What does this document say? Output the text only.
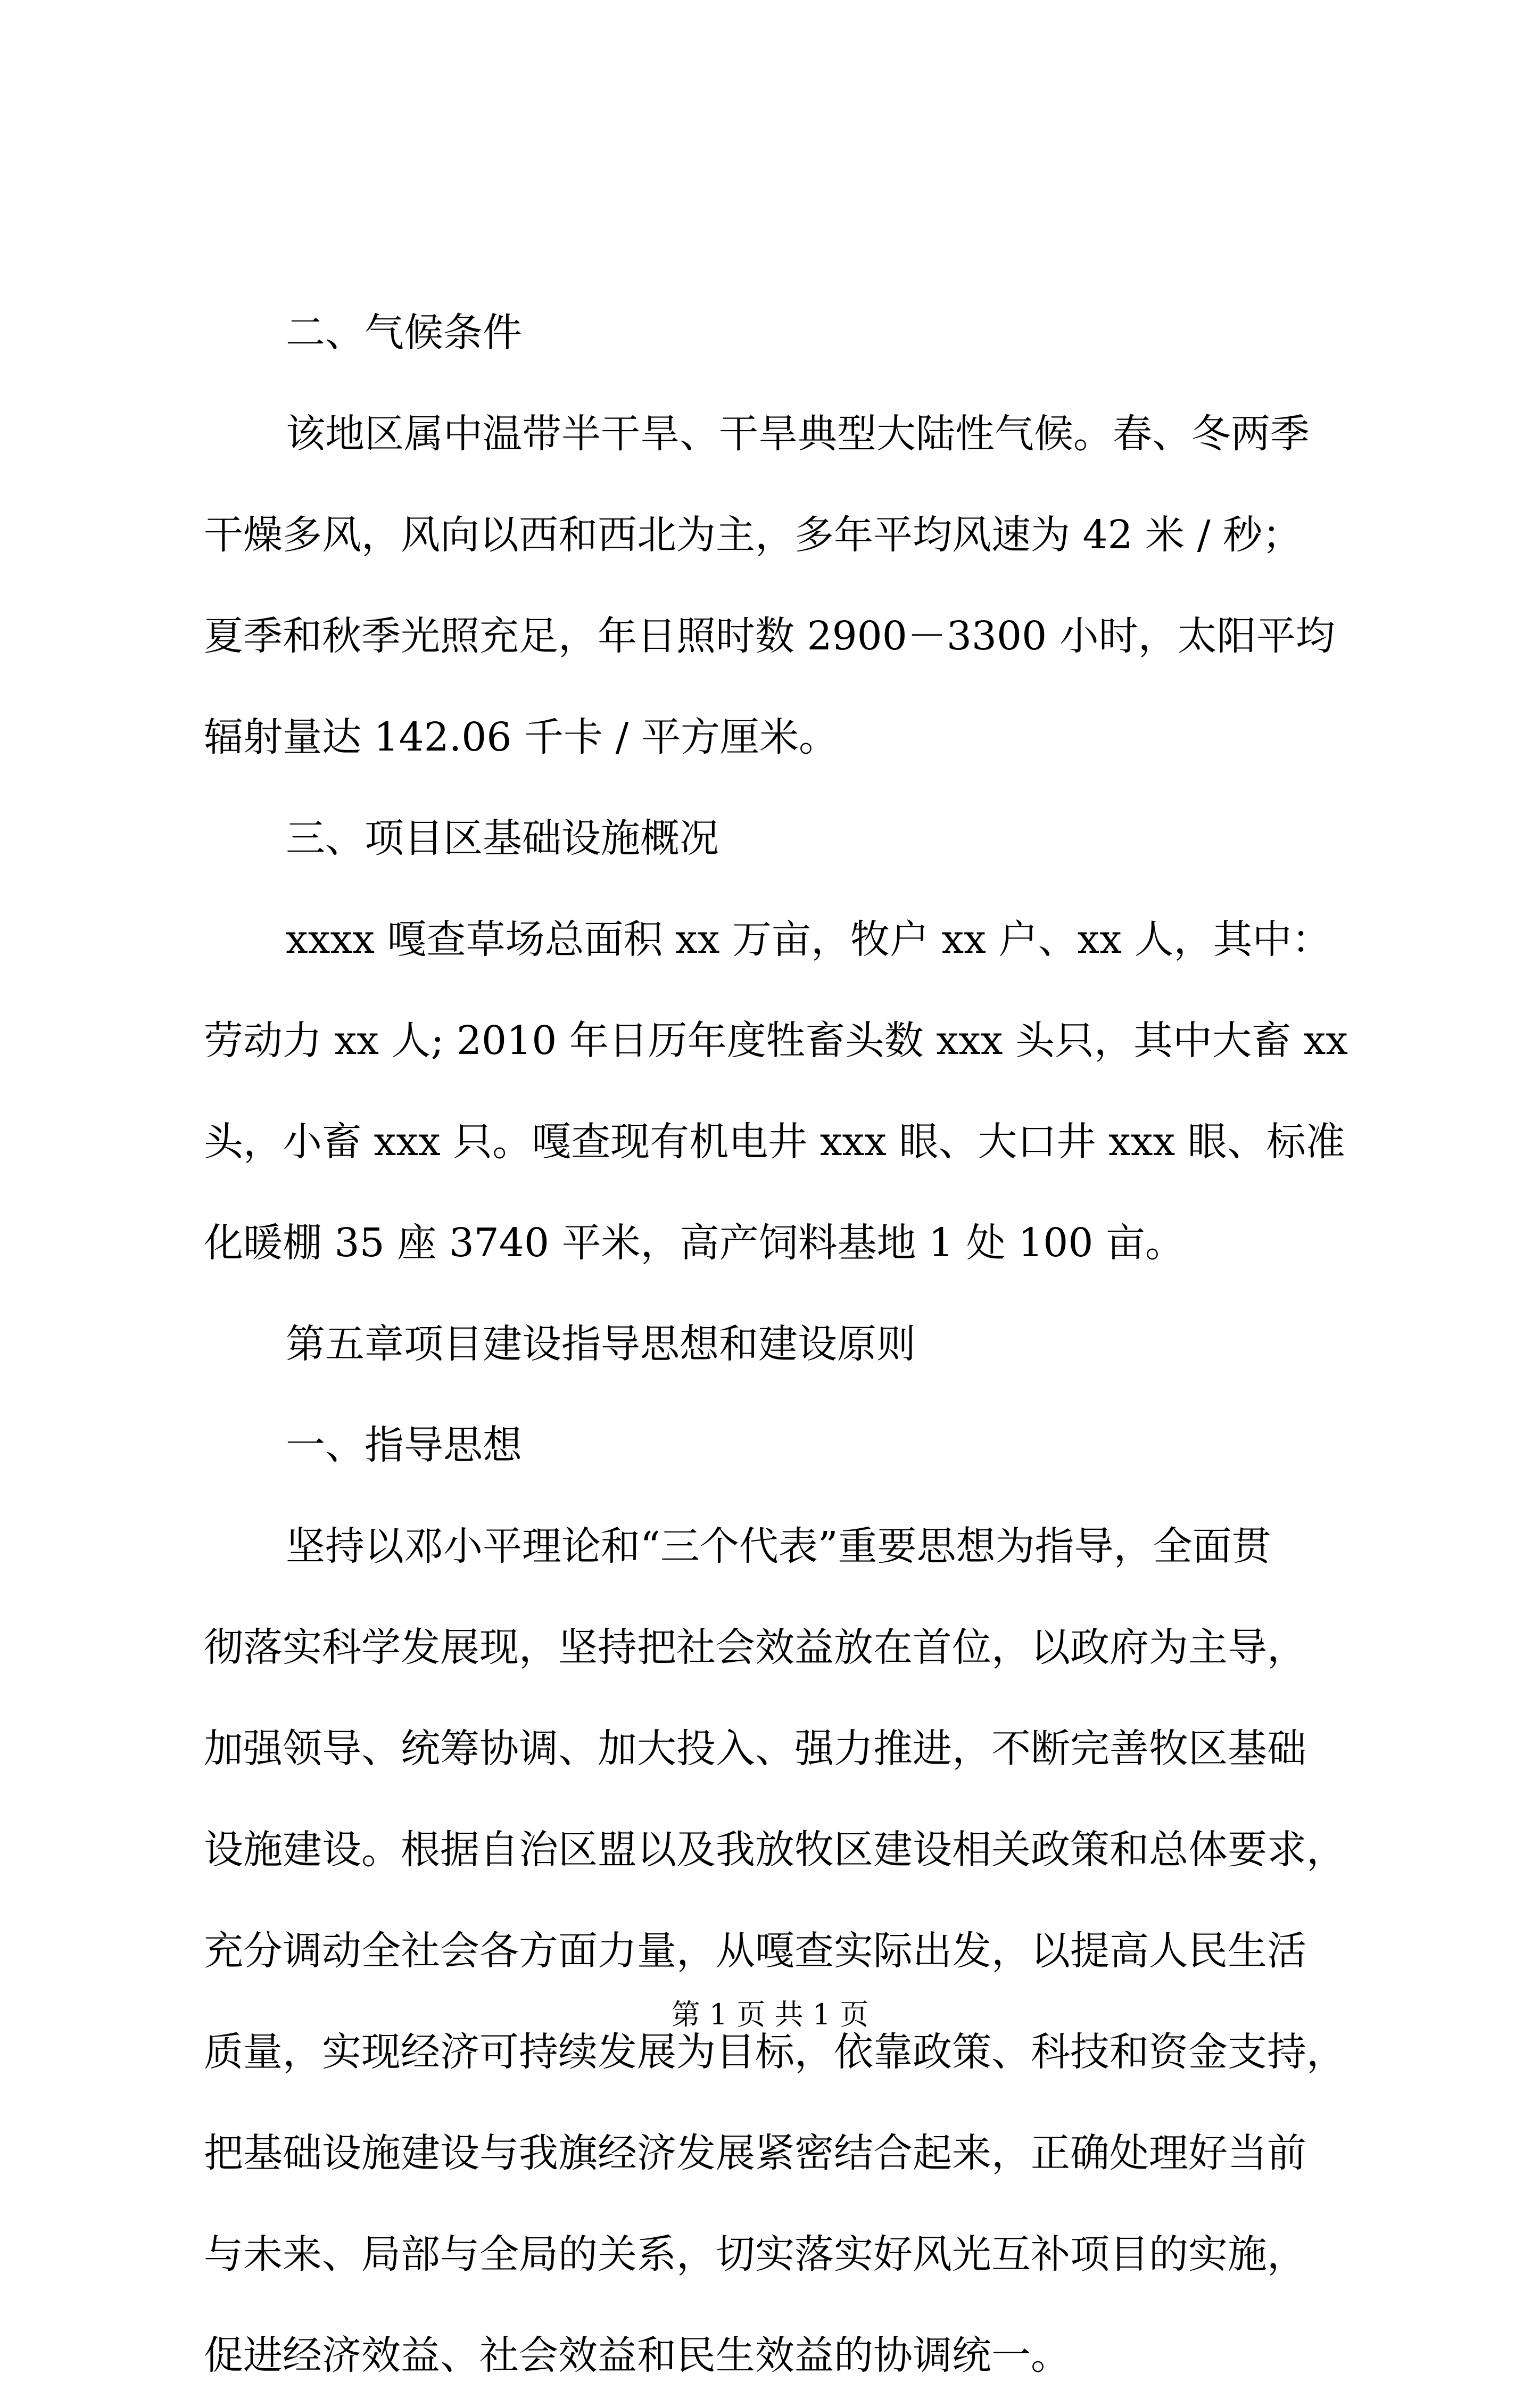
二、气候条件
该地区属中温带半干旱、干旱典型大陆性气候。春、冬两季
干燥多风，风向以西和西北为主，多年平均风速为 42 米 / 秒；
夏季和秋季光照充足，年日照时数 2900－3300 小时，太阳平均
辐射量达 142.06 千卡 / 平方厘米。
三、项目区基础设施概况
xxxx 嘎查草场总面积 xx 万亩，牧户 xx 户、xx 人，其中：
劳动力 xx 人; 2010 年日历年度牲畜头数 xxx 头只，其中大畜 xx
头，小畜 xxx 只。嘎查现有机电井 xxx 眼、大口井 xxx 眼、标准
化暖棚 35 座 3740 平米，高产饲料基地 1 处 100 亩。
第五章项目建设指导思想和建设原则
一、指导思想
坚持以邓小平理论和“三个代表”重要思想为指导，全面贯
彻落实科学发展现，坚持把社会效益放在首位，以政府为主导，
加强领导、统筹协调、加大投入、强力推进，不断完善牧区基础
设施建设。根据自治区盟以及我放牧区建设相关政策和总体要求，
充分调动全社会各方面力量，从嘎查实际出发，以提高人民生活
质量，实现经济可持续发展为目标，依靠政策、科技和资金支持，
把基础设施建设与我旗经济发展紧密结合起来，正确处理好当前
与未来、局部与全局的关系，切实落实好风光互补项目的实施，
促进经济效益、社会效益和民生效益的协调统一。
第 1 页 共 1 页
